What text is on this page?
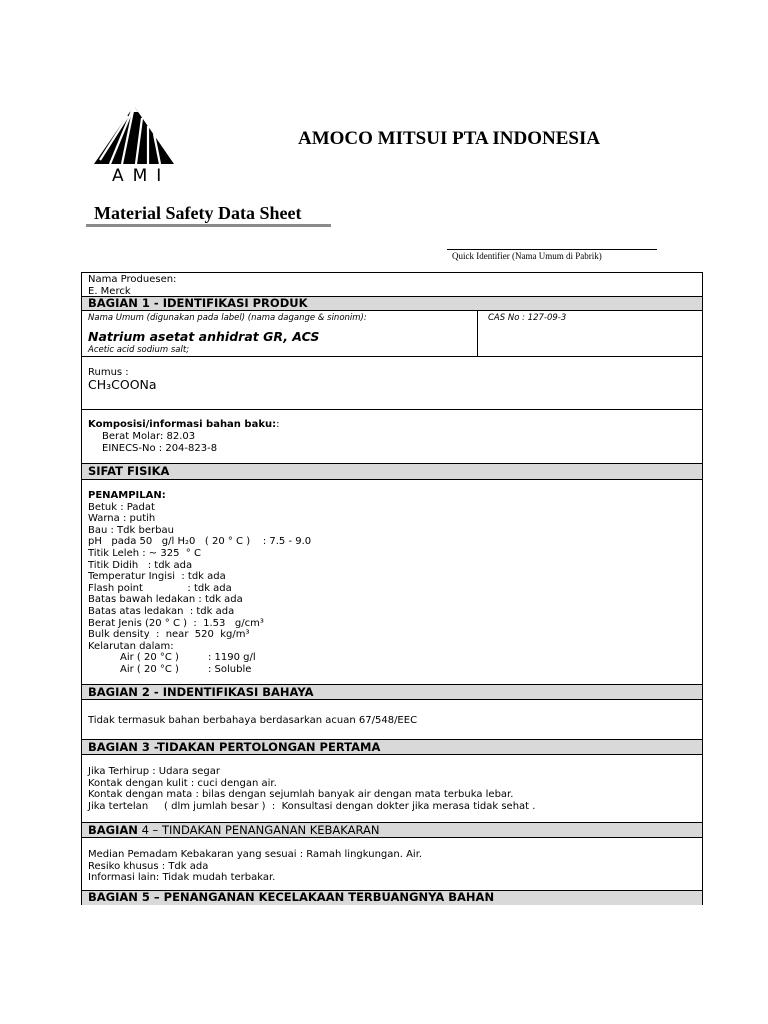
AMI
AMOCO MITSUI PTA INDONESIA
Material Safety Data Sheet
Quick Identifier (Nama Umum di Pabrik)
Nama Produesen:
E. Merck
BAGIAN 1 - IDENTIFIKASI PRODUK
Nama Umum (digunakan pada label) (nama dagange & sinonim):
Natrium asetat anhidrat GR, ACS
Acetic acid sodium salt;
CAS No : 127-09-3
Rumus :
CH₃COONa
Komposisi/informasi bahan baku::
Berat Molar: 82.03
EINECS-No : 204-823-8
SIFAT FISIKA
PENAMPILAN:
Betuk : Padat
Warna : putih
Bau : Tdk berbau
pH   pada 50   g/l H₂0   ( 20 ° C )    : 7.5 - 9.0
Titik Leleh : ~ 325  ° C
Titik Didih   : tdk ada
Temperatur Ingisi  : tdk ada
Flash point              : tdk ada
Batas bawah ledakan : tdk ada
Batas atas ledakan  : tdk ada
Berat Jenis (20 ° C )  :  1.53   g/cm³
Bulk density  :  near  520  kg/m³
Kelarutan dalam:
Air ( 20 °C )	: 1190 g/l
Air ( 20 °C )	: Soluble
BAGIAN 2 - INDENTIFIKASI BAHAYA
Tidak termasuk bahan berbahaya berdasarkan acuan 67/548/EEC
BAGIAN 3 -TIDAKAN PERTOLONGAN PERTAMA
Jika Terhirup : Udara segar
Kontak dengan kulit : cuci dengan air.
Kontak dengan mata : bilas dengan sejumlah banyak air dengan mata terbuka lebar.
Jika tertelan     ( dlm jumlah besar )  :  Konsultasi dengan dokter jika merasa tidak sehat .
BAGIAN 4 – TINDAKAN PENANGANAN KEBAKARAN
Median Pemadam Kebakaran yang sesuai : Ramah lingkungan. Air.
Resiko khusus : Tdk ada
Informasi lain: Tidak mudah terbakar.
BAGIAN 5 – PENANGANAN KECELAKAAN TERBUANGNYA BAHAN
